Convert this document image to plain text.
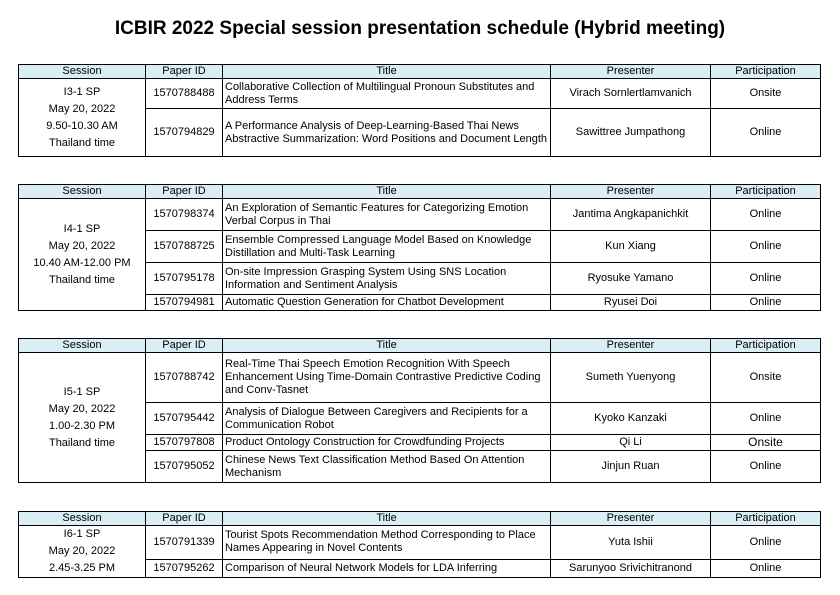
ICBIR 2022 Special session presentation schedule (Hybrid meeting)
Session	Paper ID	Title	Presenter	Participation

I3-1 SP
May 20, 2022
9.50-10.30 AM
Thailand time	1570788488	Collaborative Collection of Multilingual Pronoun Substitutes and Address Terms	Virach Sornlertlamvanich	Onsite
	1570794829	A Performance Analysis of Deep-Learning-Based Thai News Abstractive Summarization: Word Positions and Document Length	Sawittree Jumpathong	Online
Session	Paper ID	Title	Presenter	Participation

I4-1 SP
May 20, 2022
10.40 AM-12.00 PM
Thailand time	1570798374	An Exploration of Semantic Features for Categorizing Emotion Verbal Corpus in Thai	Jantima Angkapanichkit	Online
	1570788725	Ensemble Compressed Language Model Based on Knowledge Distillation and Multi-Task Learning	Kun Xiang	Online
	1570795178	On-site Impression Grasping System Using SNS Location Information and Sentiment Analysis	Ryosuke Yamano	Online
	1570794981	Automatic Question Generation for Chatbot Development	Ryusei Doi	Online
Session	Paper ID	Title	Presenter	Participation

I5-1 SP
May 20, 2022
1.00-2.30 PM
Thailand time	1570788742	Real-Time Thai Speech Emotion Recognition With Speech Enhancement Using Time-Domain Contrastive Predictive Coding and Conv-Tasnet	Sumeth Yuenyong	Onsite
	1570795442	Analysis of Dialogue Between Caregivers and Recipients for a Communication Robot	Kyoko Kanzaki	Online
	1570797808	Product Ontology Construction for Crowdfunding Projects	Qi Li	Onsite
	1570795052	Chinese News Text Classification Method Based On Attention Mechanism	Jinjun Ruan	Online
Session	Paper ID	Title	Presenter	Participation

I6-1 SP
May 20, 2022
2.45-3.25 PM	1570791339	Tourist Spots Recommendation Method Corresponding to Place Names Appearing in Novel Contents	Yuta Ishii	Online
	1570795262	Comparison of Neural Network Models for LDA Inferring	Sarunyoo Srivichitranond	Online
